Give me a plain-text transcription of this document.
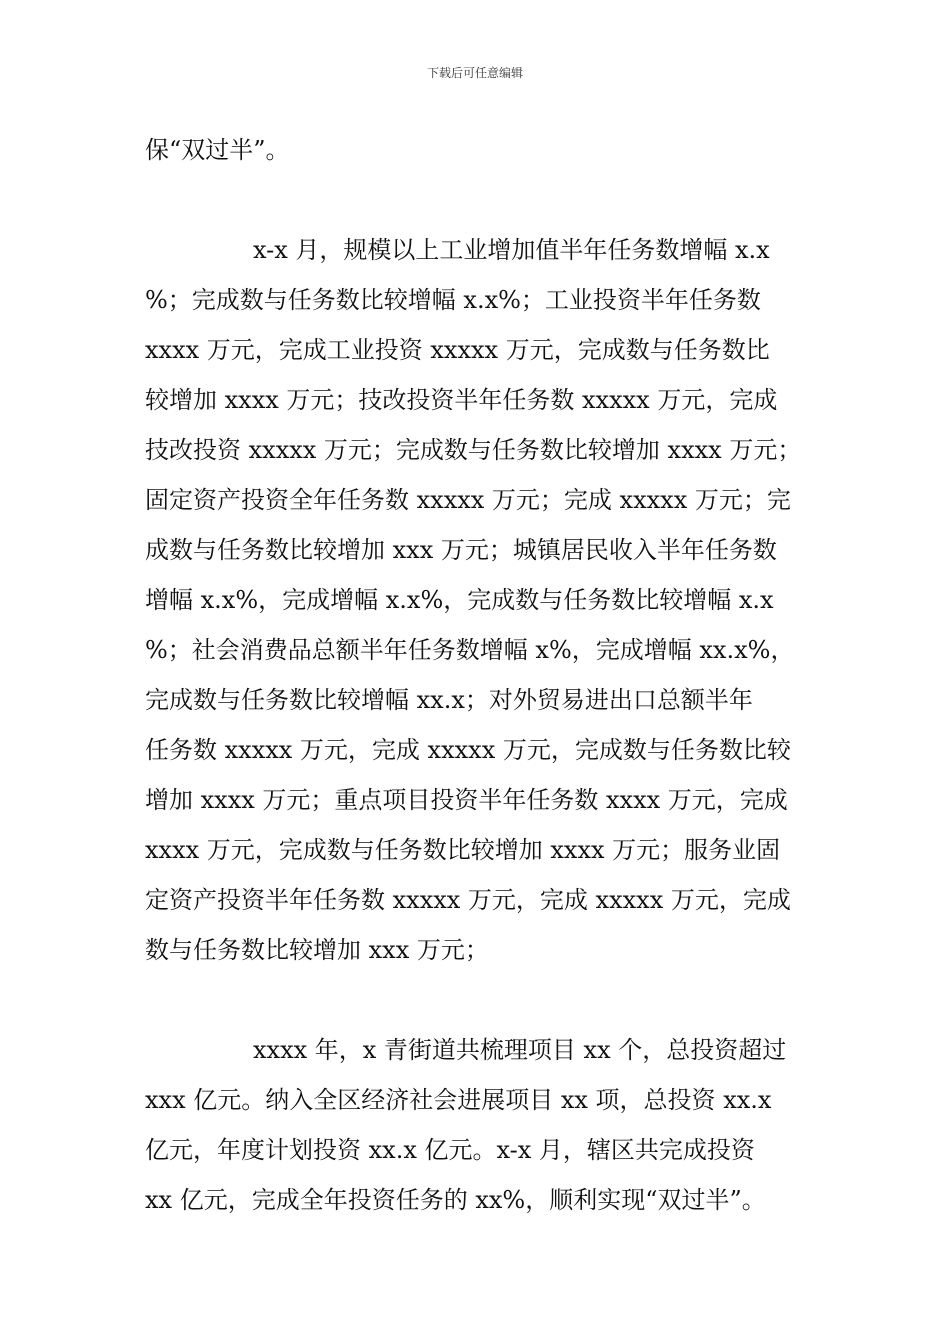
下载后可任意编辑
保“双过半”。
x-x 月，规模以上工业增加值半年任务数增幅 x.x
%；完成数与任务数比较增幅 x.x%；工业投资半年任务数
xxxx 万元，完成工业投资 xxxxx 万元，完成数与任务数比
较增加 xxxx 万元；技改投资半年任务数 xxxxx 万元，完成
技改投资 xxxxx 万元；完成数与任务数比较增加 xxxx 万元；
固定资产投资全年任务数 xxxxx 万元；完成 xxxxx 万元；完
成数与任务数比较增加 xxx 万元；城镇居民收入半年任务数
增幅 x.x%，完成增幅 x.x%，完成数与任务数比较增幅 x.x
%；社会消费品总额半年任务数增幅 x%，完成增幅 xx.x%，
完成数与任务数比较增幅 xx.x；对外贸易进出口总额半年
任务数 xxxxx 万元，完成 xxxxx 万元，完成数与任务数比较
增加 xxxx 万元；重点项目投资半年任务数 xxxx 万元，完成
xxxx 万元，完成数与任务数比较增加 xxxx 万元；服务业固
定资产投资半年任务数 xxxxx 万元，完成 xxxxx 万元，完成
数与任务数比较增加 xxx 万元；
xxxx 年，x 青街道共梳理项目 xx 个，总投资超过
xxx 亿元。纳入全区经济社会进展项目 xx 项，总投资 xx.x
亿元，年度计划投资 xx.x 亿元。x-x 月，辖区共完成投资
xx 亿元，完成全年投资任务的 xx%，顺利实现“双过半”。
